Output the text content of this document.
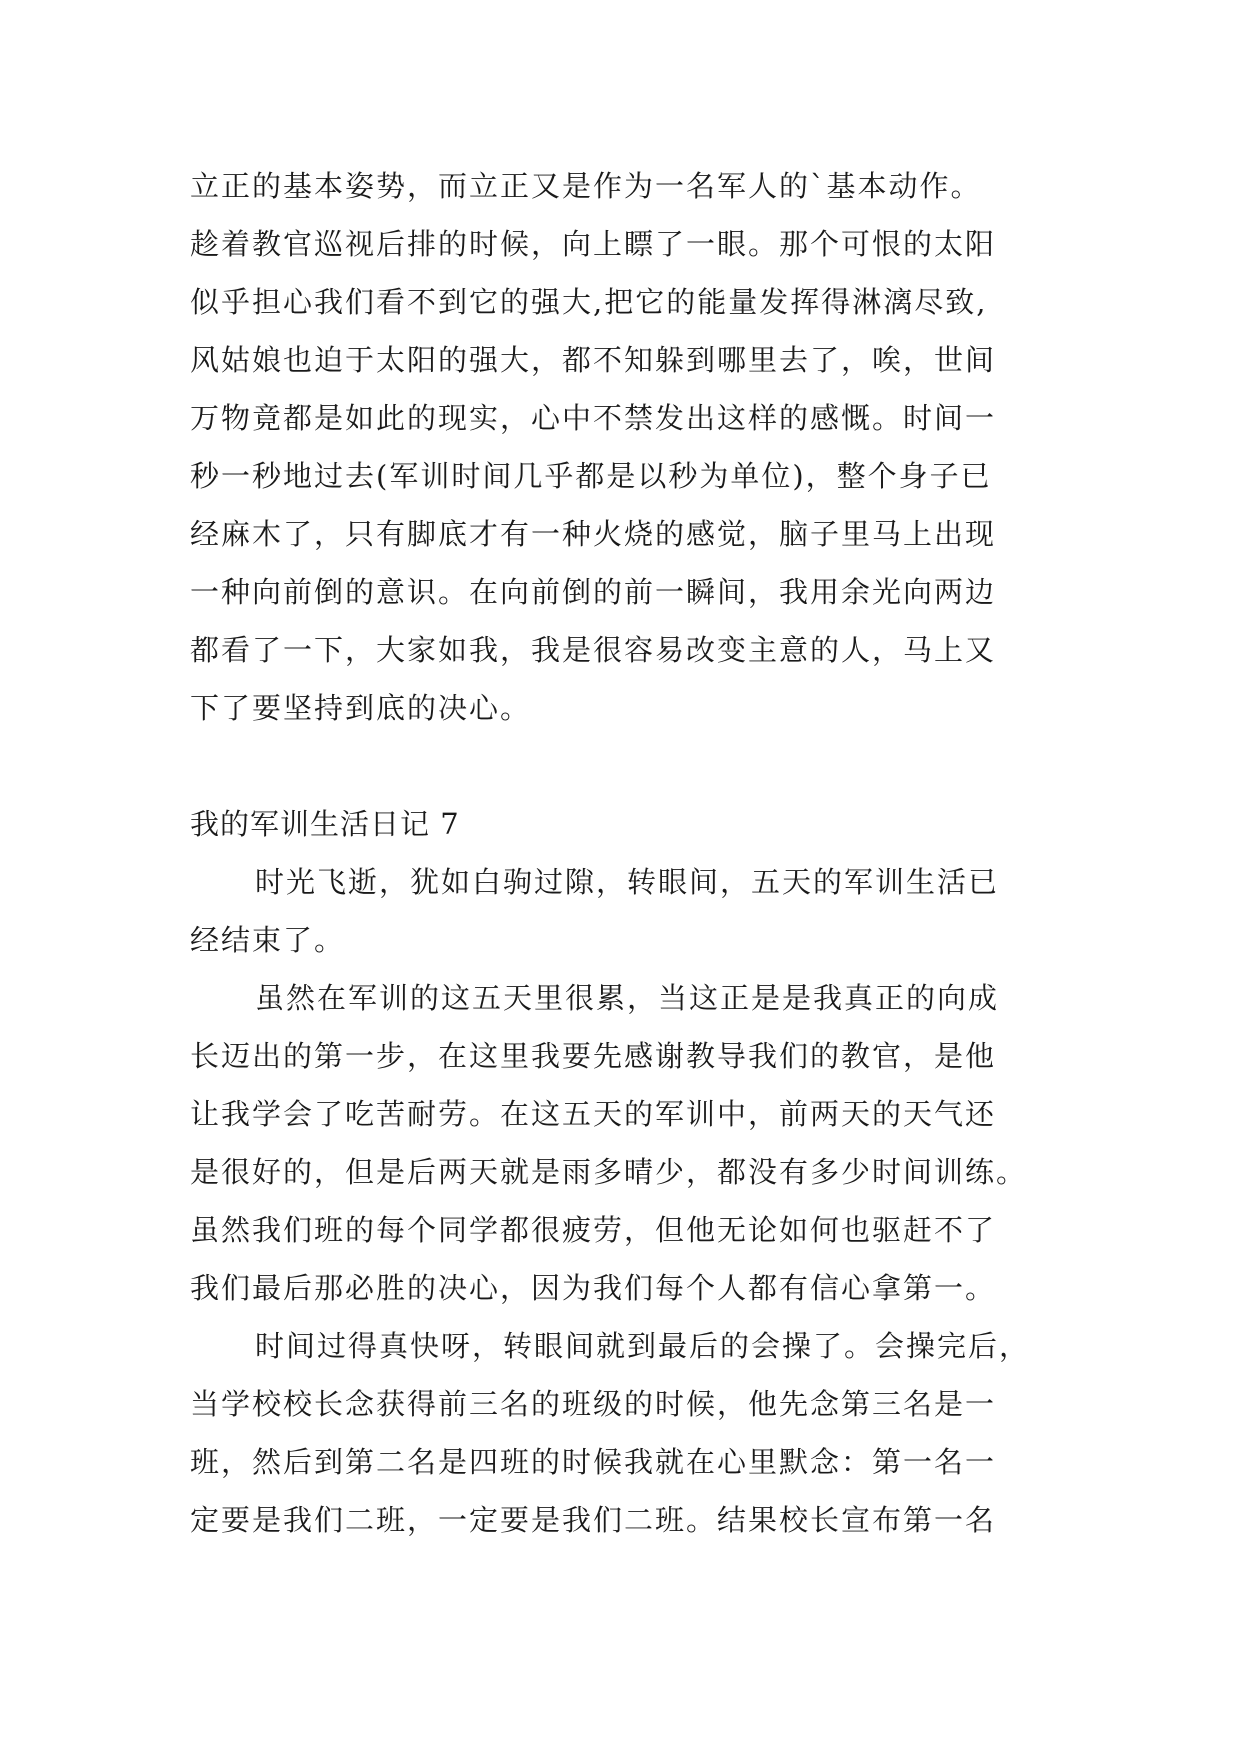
立正的基本姿势，而立正又是作为一名军人的`基本动作。
趁着教官巡视后排的时候，向上瞟了一眼。那个可恨的太阳
似乎担心我们看不到它的强大,把它的能量发挥得淋漓尽致,
风姑娘也迫于太阳的强大，都不知躲到哪里去了，唉，世间
万物竟都是如此的现实，心中不禁发出这样的感慨。时间一
秒一秒地过去(军训时间几乎都是以秒为单位)，整个身子已
经麻木了，只有脚底才有一种火烧的感觉，脑子里马上出现
一种向前倒的意识。在向前倒的前一瞬间，我用余光向两边
都看了一下，大家如我，我是很容易改变主意的人，马上又
下了要坚持到底的决心。
我的军训生活日记 7
时光飞逝，犹如白驹过隙，转眼间，五天的军训生活已
经结束了。
虽然在军训的这五天里很累，当这正是是我真正的向成
长迈出的第一步，在这里我要先感谢教导我们的教官，是他
让我学会了吃苦耐劳。在这五天的军训中，前两天的天气还
是很好的，但是后两天就是雨多晴少，都没有多少时间训练。
虽然我们班的每个同学都很疲劳，但他无论如何也驱赶不了
我们最后那必胜的决心，因为我们每个人都有信心拿第一。
时间过得真快呀，转眼间就到最后的会操了。会操完后，
当学校校长念获得前三名的班级的时候，他先念第三名是一
班，然后到第二名是四班的时候我就在心里默念：第一名一
定要是我们二班，一定要是我们二班。结果校长宣布第一名
